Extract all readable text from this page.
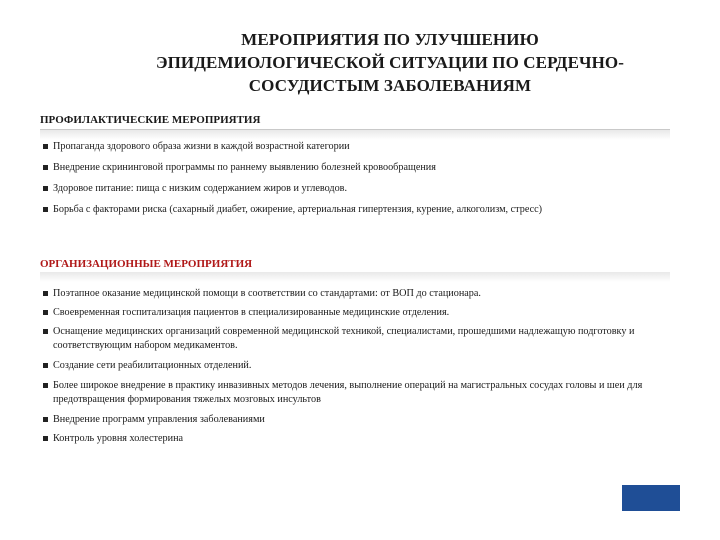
МЕРОПРИЯТИЯ ПО УЛУЧШЕНИЮ
ЭПИДЕМИОЛОГИЧЕСКОЙ СИТУАЦИИ ПО СЕРДЕЧНО-
СОСУДИСТЫМ ЗАБОЛЕВАНИЯМ
ПРОФИЛАКТИЧЕСКИЕ МЕРОПРИЯТИЯ
Пропаганда здорового образа жизни в каждой возрастной категории
Внедрение скрининговой программы по раннему выявлению болезней кровообращения
Здоровое питание: пища с низким содержанием жиров и углеводов.
Борьба с факторами риска (сахарный диабет, ожирение, артериальная гипертензия, курение, алкоголизм, стресс)
ОРГАНИЗАЦИОННЫЕ МЕРОПРИЯТИЯ
Поэтапное оказание медицинской помощи в соответствии со стандартами: от ВОП до стационара.
Своевременная госпитализация пациентов в специализированные медицинские отделения.
Оснащение медицинских организаций современной медицинской техникой, специалистами, прошедшими надлежащую подготовку и соответствующим набором медикаментов.
Создание сети реабилитационных отделений.
Более широкое внедрение в практику инвазивных методов лечения, выполнение операций на магистральных сосудах головы и шеи для предотвращения формирования тяжелых мозговых инсультов
Внедрение программ управления заболеваниями
Контроль уровня холестерина
